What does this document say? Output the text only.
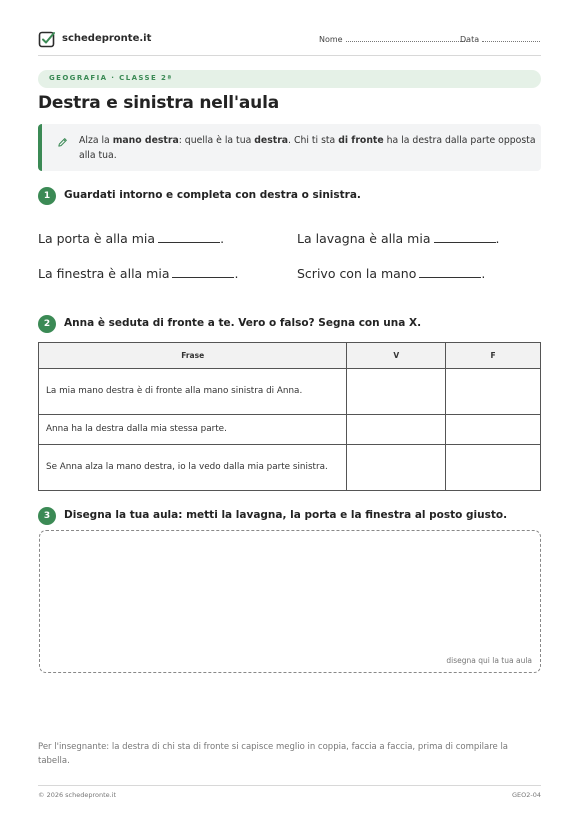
schedepronte.it	Nome	Data
GEOGRAFIA · CLASSE 2ª
Destra e sinistra nell'aula
Alza la mano destra: quella è la tua destra. Chi ti sta di fronte ha la destra dalla parte opposta alla tua.
1	Guardati intorno e completa con destra o sinistra.
La porta è alla mia	.	La lavagna è alla mia	.
La finestra è alla mia	.	Scrivo con la mano	.
2	Anna è seduta di fronte a te. Vero o falso? Segna con una X.
Frase	V	F
La mia mano destra è di fronte alla mano sinistra di Anna.		
Anna ha la destra dalla mia stessa parte.		
Se Anna alza la mano destra, io la vedo dalla mia parte sinistra.		
3	Disegna la tua aula: metti la lavagna, la porta e la finestra al posto giusto.
disegna qui la tua aula
Per l'insegnante: la destra di chi sta di fronte si capisce meglio in coppia, faccia a faccia, prima di compilare la tabella.
© 2026 schedepronte.it	GEO2-04
